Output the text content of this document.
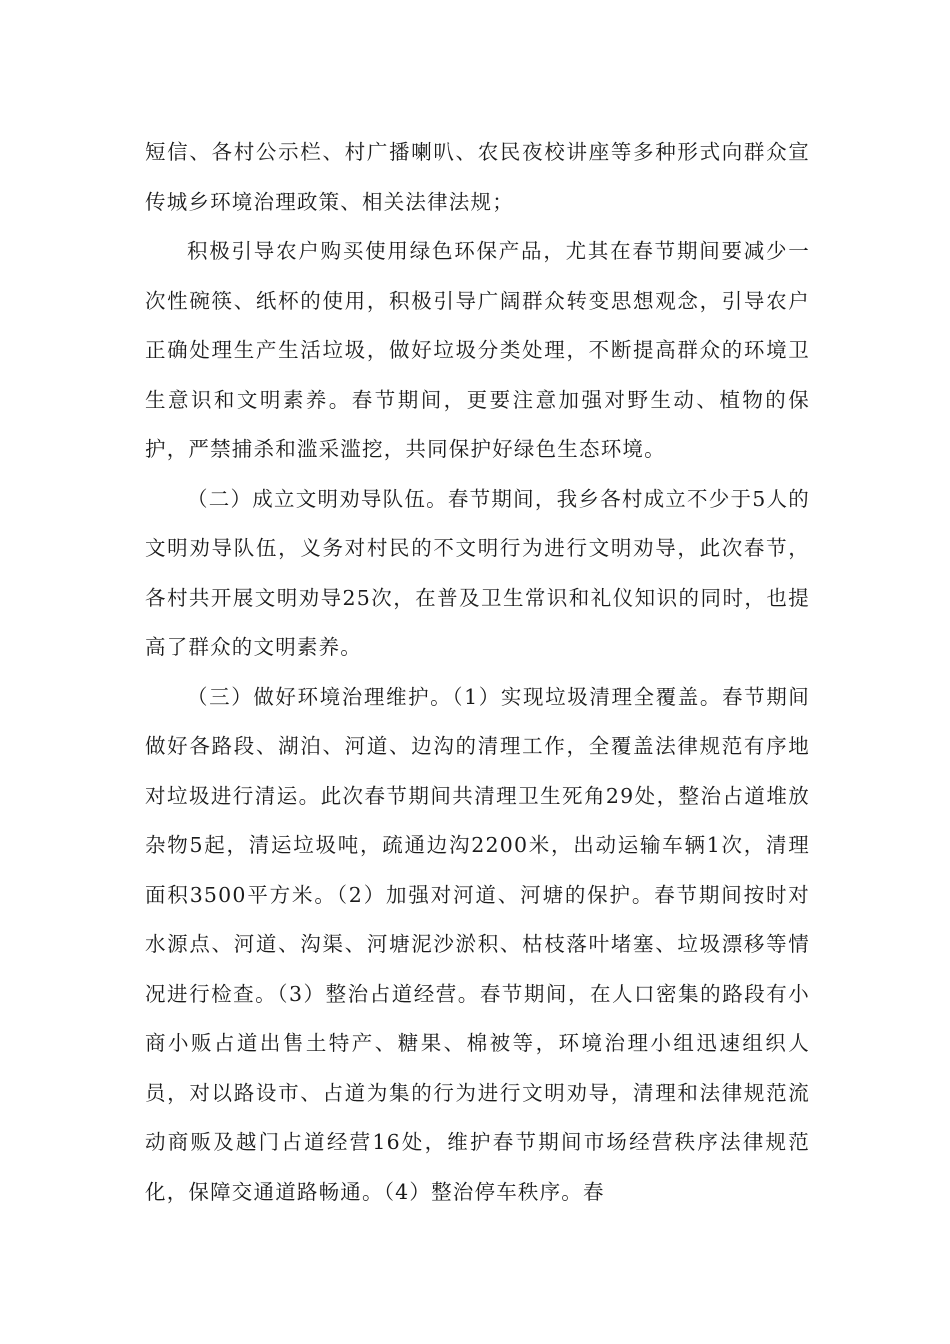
短信、各村公示栏、村广播喇叭、农民夜校讲座等多种形式向群众宣传城乡环境治理政策、相关法律法规；

积极引导农户购买使用绿色环保产品，尤其在春节期间要减少一次性碗筷、纸杯的使用，积极引导广阔群众转变思想观念，引导农户正确处理生产生活垃圾，做好垃圾分类处理，不断提高群众的环境卫生意识和文明素养。春节期间，更要注意加强对野生动、植物的保护，严禁捕杀和滥采滥挖，共同保护好绿色生态环境。

（二）成立文明劝导队伍。春节期间，我乡各村成立不少于5人的文明劝导队伍，义务对村民的不文明行为进行文明劝导，此次春节，各村共开展文明劝导25次，在普及卫生常识和礼仪知识的同时，也提高了群众的文明素养。

（三）做好环境治理维护。（1）实现垃圾清理全覆盖。春节期间做好各路段、湖泊、河道、边沟的清理工作，全覆盖法律规范有序地对垃圾进行清运。此次春节期间共清理卫生死角29处，整治占道堆放杂物5起，清运垃圾吨，疏通边沟2200米，出动运输车辆1次，清理面积3500平方米。（2）加强对河道、河塘的保护。春节期间按时对水源点、河道、沟渠、河塘泥沙淤积、枯枝落叶堵塞、垃圾漂移等情况进行检查。（3）整治占道经营。春节期间，在人口密集的路段有小商小贩占道出售土特产、糖果、棉被等，环境治理小组迅速组织人员，对以路设市、占道为集的行为进行文明劝导，清理和法律规范流动商贩及越门占道经营16处，维护春节期间市场经营秩序法律规范化，保障交通道路畅通。（4）整治停车秩序。春
